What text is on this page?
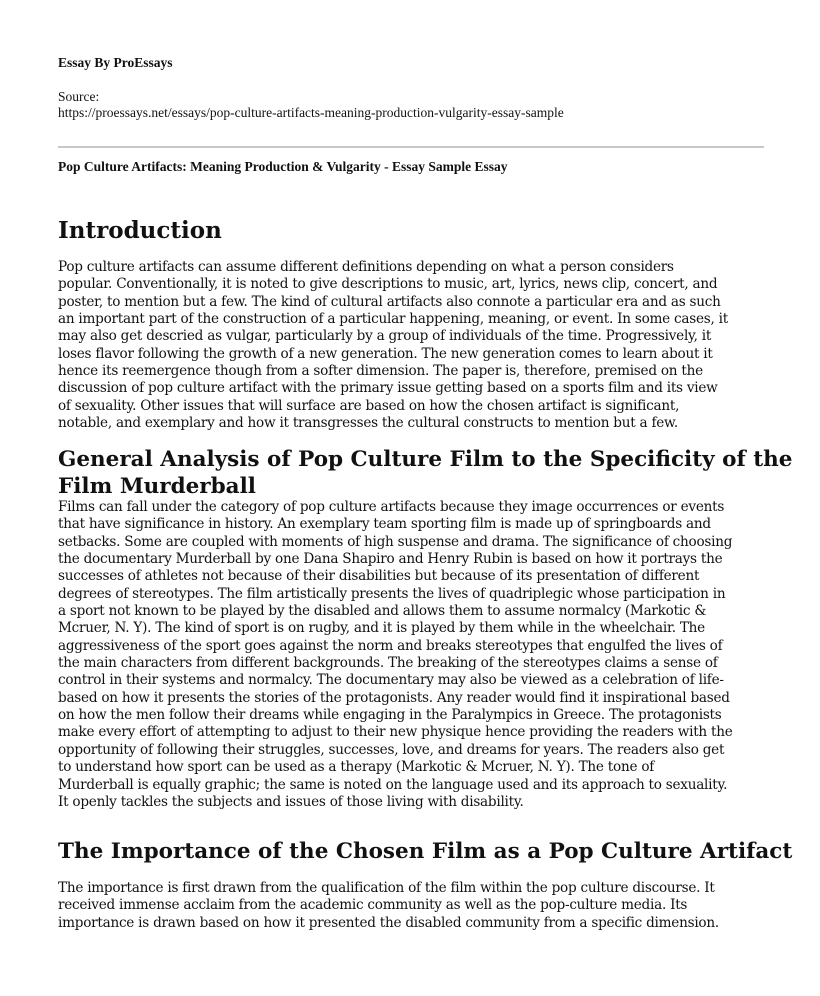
Essay By ProEssays
Source:
https://proessays.net/essays/pop-culture-artifacts-meaning-production-vulgarity-essay-sample
Pop Culture Artifacts: Meaning Production & Vulgarity - Essay Sample Essay
Introduction
Pop culture artifacts can assume different definitions depending on what a person considers
popular. Conventionally, it is noted to give descriptions to music, art, lyrics, news clip, concert, and
poster, to mention but a few. The kind of cultural artifacts also connote a particular era and as such
an important part of the construction of a particular happening, meaning, or event. In some cases, it
may also get descried as vulgar, particularly by a group of individuals of the time. Progressively, it
loses flavor following the growth of a new generation. The new generation comes to learn about it
hence its reemergence though from a softer dimension. The paper is, therefore, premised on the
discussion of pop culture artifact with the primary issue getting based on a sports film and its view
of sexuality. Other issues that will surface are based on how the chosen artifact is significant,
notable, and exemplary and how it transgresses the cultural constructs to mention but a few.
General Analysis of Pop Culture Film to the Specificity of the
Film Murderball
Films can fall under the category of pop culture artifacts because they image occurrences or events
that have significance in history. An exemplary team sporting film is made up of springboards and
setbacks. Some are coupled with moments of high suspense and drama. The significance of choosing
the documentary Murderball by one Dana Shapiro and Henry Rubin is based on how it portrays the
successes of athletes not because of their disabilities but because of its presentation of different
degrees of stereotypes. The film artistically presents the lives of quadriplegic whose participation in
a sport not known to be played by the disabled and allows them to assume normalcy (Markotic &
Mcruer, N. Y). The kind of sport is on rugby, and it is played by them while in the wheelchair. The
aggressiveness of the sport goes against the norm and breaks stereotypes that engulfed the lives of
the main characters from different backgrounds. The breaking of the stereotypes claims a sense of
control in their systems and normalcy. The documentary may also be viewed as a celebration of life-
based on how it presents the stories of the protagonists. Any reader would find it inspirational based
on how the men follow their dreams while engaging in the Paralympics in Greece. The protagonists
make every effort of attempting to adjust to their new physique hence providing the readers with the
opportunity of following their struggles, successes, love, and dreams for years. The readers also get
to understand how sport can be used as a therapy (Markotic & Mcruer, N. Y). The tone of
Murderball is equally graphic; the same is noted on the language used and its approach to sexuality.
It openly tackles the subjects and issues of those living with disability.
The Importance of the Chosen Film as a Pop Culture Artifact
The importance is first drawn from the qualification of the film within the pop culture discourse. It
received immense acclaim from the academic community as well as the pop-culture media. Its
importance is drawn based on how it presented the disabled community from a specific dimension.
